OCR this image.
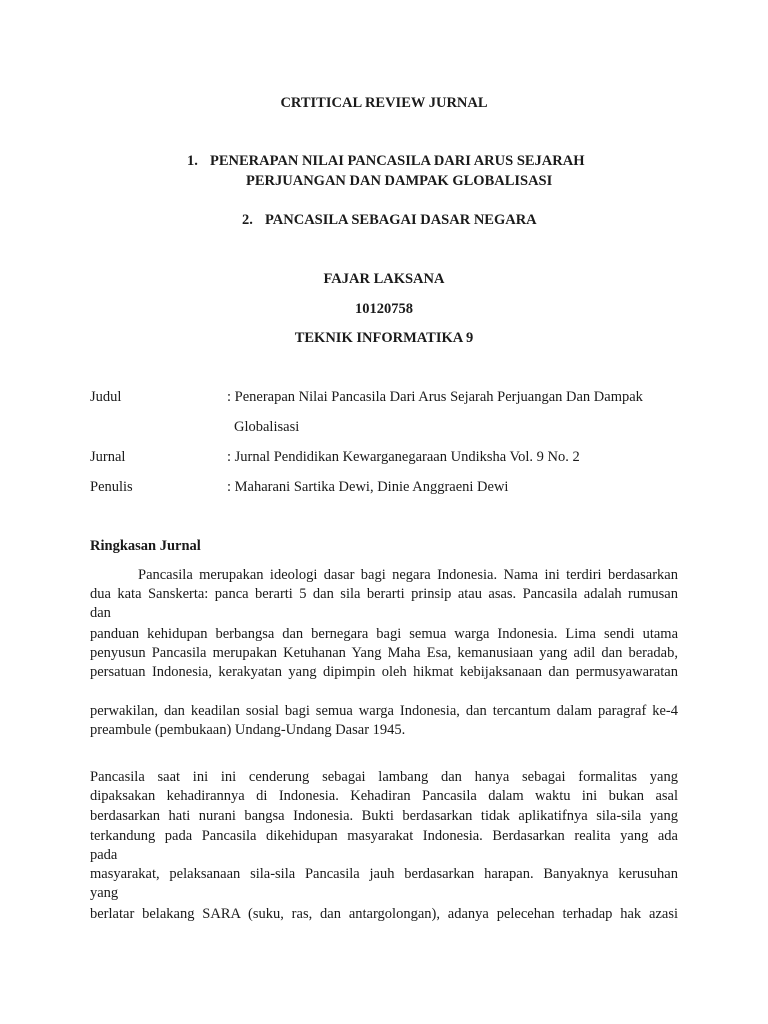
CRTITICAL REVIEW JURNAL
1. PENERAPAN NILAI PANCASILA DARI ARUS SEJARAH
PERJUANGAN DAN DAMPAK GLOBALISASI
2. PANCASILA SEBAGAI DASAR NEGARA
FAJAR LAKSANA
10120758
TEKNIK INFORMATIKA 9
Judul	: Penerapan Nilai Pancasila Dari Arus Sejarah Perjuangan Dan Dampak
Globalisasi
Jurnal	: Jurnal Pendidikan Kewarganegaraan Undiksha Vol. 9 No. 2
Penulis	: Maharani Sartika Dewi, Dinie Anggraeni Dewi
Ringkasan Jurnal
Pancasila merupakan ideologi dasar bagi negara Indonesia. Nama ini terdiri berdasarkan
dua kata Sanskerta: panca berarti 5 dan sila berarti prinsip atau asas. Pancasila adalah rumusan
dan
panduan kehidupan berbangsa dan bernegara bagi semua warga Indonesia. Lima sendi utama
penyusun Pancasila merupakan Ketuhanan Yang Maha Esa, kemanusiaan yang adil dan beradab,
persatuan Indonesia, kerakyatan yang dipimpin oleh hikmat kebijaksanaan dan permusyawaratan
perwakilan, dan keadilan sosial bagi semua warga Indonesia, dan tercantum dalam paragraf ke-4
preambule (pembukaan) Undang-Undang Dasar 1945.
Pancasila saat ini ini cenderung sebagai lambang dan hanya sebagai formalitas yang
dipaksakan kehadirannya di Indonesia. Kehadiran Pancasila dalam waktu ini bukan asal
berdasarkan hati nurani bangsa Indonesia. Bukti berdasarkan tidak aplikatifnya sila-sila yang
terkandung pada Pancasila dikehidupan masyarakat Indonesia. Berdasarkan realita yang ada
pada
masyarakat, pelaksanaan sila-sila Pancasila jauh berdasarkan harapan. Banyaknya kerusuhan
yang
berlatar belakang SARA (suku, ras, dan antargolongan), adanya pelecehan terhadap hak azasi
